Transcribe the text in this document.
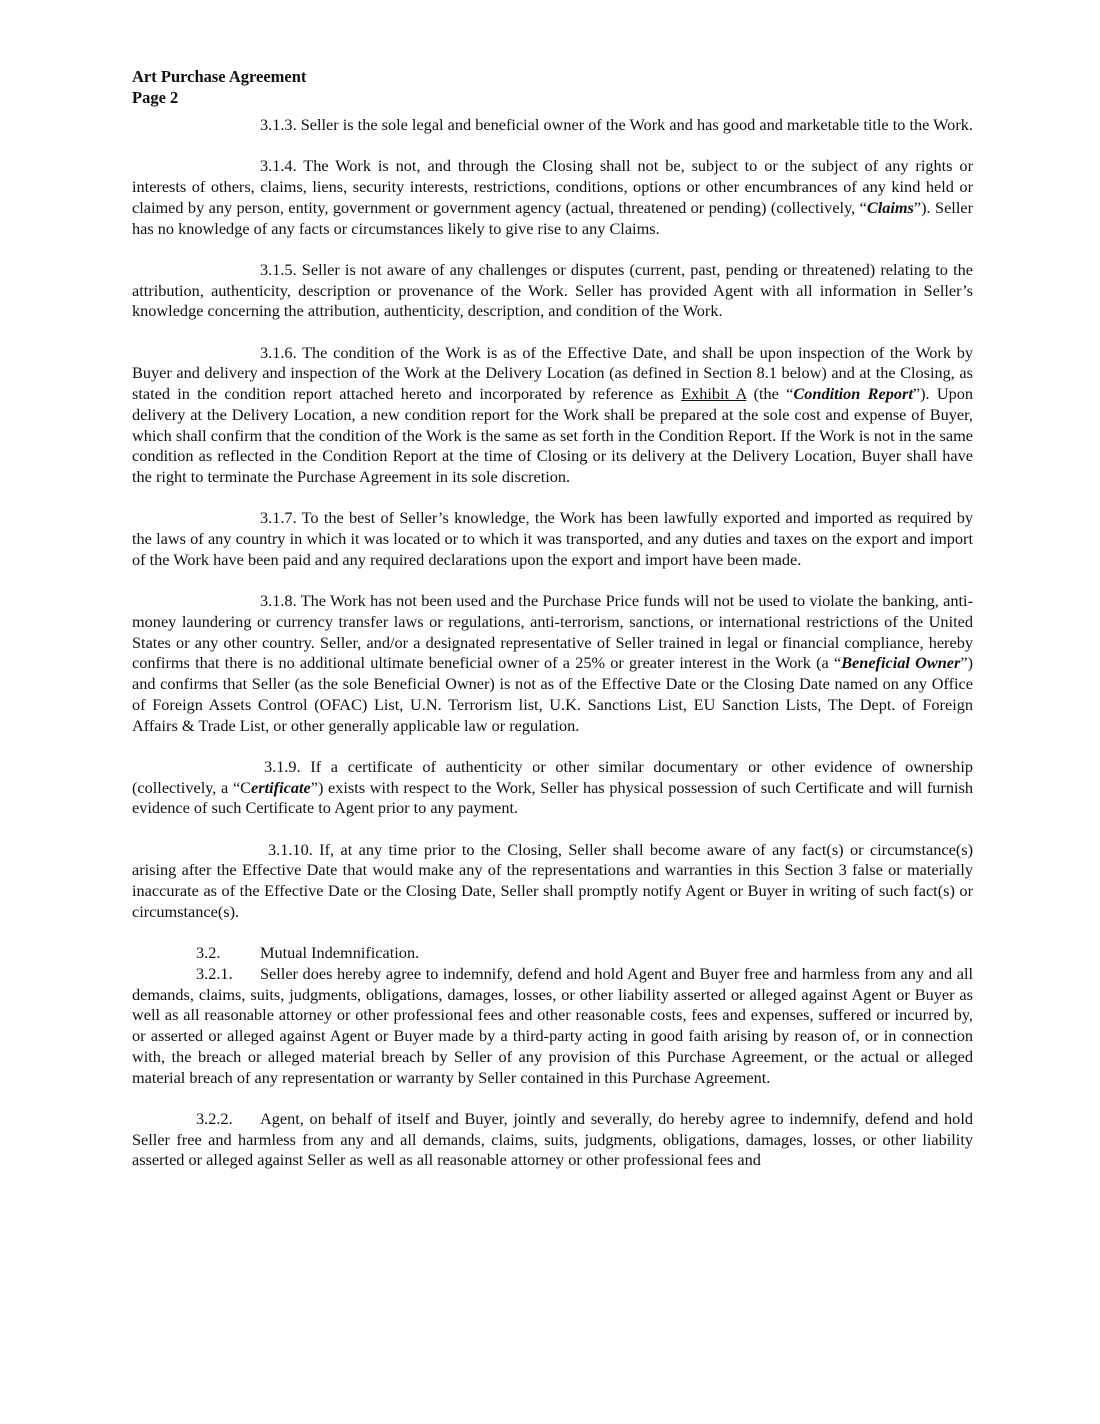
Art Purchase Agreement
Page 2

3.1.3. Seller is the sole legal and beneficial owner of the Work and has good and marketable title to the Work.

3.1.4. The Work is not, and through the Closing shall not be, subject to or the subject of any rights or interests of others, claims, liens, security interests, restrictions, conditions, options or other encumbrances of any kind held or claimed by any person, entity, government or government agency (actual, threatened or pending) (collectively, “Claims”). Seller has no knowledge of any facts or circumstances likely to give rise to any Claims.

3.1.5. Seller is not aware of any challenges or disputes (current, past, pending or threatened) relating to the attribution, authenticity, description or provenance of the Work. Seller has provided Agent with all information in Seller’s knowledge concerning the attribution, authenticity, description, and condition of the Work.

3.1.6. The condition of the Work is as of the Effective Date, and shall be upon inspection of the Work by Buyer and delivery and inspection of the Work at the Delivery Location (as defined in Section 8.1 below) and at the Closing, as stated in the condition report attached hereto and incorporated by reference as Exhibit A (the “Condition Report”). Upon delivery at the Delivery Location, a new condition report for the Work shall be prepared at the sole cost and expense of Buyer, which shall confirm that the condition of the Work is the same as set forth in the Condition Report. If the Work is not in the same condition as reflected in the Condition Report at the time of Closing or its delivery at the Delivery Location, Buyer shall have the right to terminate the Purchase Agreement in its sole discretion.

3.1.7. To the best of Seller’s knowledge, the Work has been lawfully exported and imported as required by the laws of any country in which it was located or to which it was transported, and any duties and taxes on the export and import of the Work have been paid and any required declarations upon the export and import have been made.

3.1.8. The Work has not been used and the Purchase Price funds will not be used to violate the banking, anti-money laundering or currency transfer laws or regulations, anti-terrorism, sanctions, or international restrictions of the United States or any other country. Seller, and/or a designated representative of Seller trained in legal or financial compliance, hereby confirms that there is no additional ultimate beneficial owner of a 25% or greater interest in the Work (a “Beneficial Owner”) and confirms that Seller (as the sole Beneficial Owner) is not as of the Effective Date or the Closing Date named on any Office of Foreign Assets Control (OFAC) List, U.N. Terrorism list, U.K. Sanctions List, EU Sanction Lists, The Dept. of Foreign Affairs & Trade List, or other generally applicable law or regulation.

3.1.9. If a certificate of authenticity or other similar documentary or other evidence of ownership (collectively, a “Certificate”) exists with respect to the Work, Seller has physical possession of such Certificate and will furnish evidence of such Certificate to Agent prior to any payment.

3.1.10. If, at any time prior to the Closing, Seller shall become aware of any fact(s) or circumstance(s) arising after the Effective Date that would make any of the representations and warranties in this Section 3 false or materially inaccurate as of the Effective Date or the Closing Date, Seller shall promptly notify Agent or Buyer in writing of such fact(s) or circumstance(s).

3.2. Mutual Indemnification.

3.2.1. Seller does hereby agree to indemnify, defend and hold Agent and Buyer free and harmless from any and all demands, claims, suits, judgments, obligations, damages, losses, or other liability asserted or alleged against Agent or Buyer as well as all reasonable attorney or other professional fees and other reasonable costs, fees and expenses, suffered or incurred by, or asserted or alleged against Agent or Buyer made by a third-party acting in good faith arising by reason of, or in connection with, the breach or alleged material breach by Seller of any provision of this Purchase Agreement, or the actual or alleged material breach of any representation or warranty by Seller contained in this Purchase Agreement.

3.2.2. Agent, on behalf of itself and Buyer, jointly and severally, do hereby agree to indemnify, defend and hold Seller free and harmless from any and all demands, claims, suits, judgments, obligations, damages, losses, or other liability asserted or alleged against Seller as well as all reasonable attorney or other professional fees and
